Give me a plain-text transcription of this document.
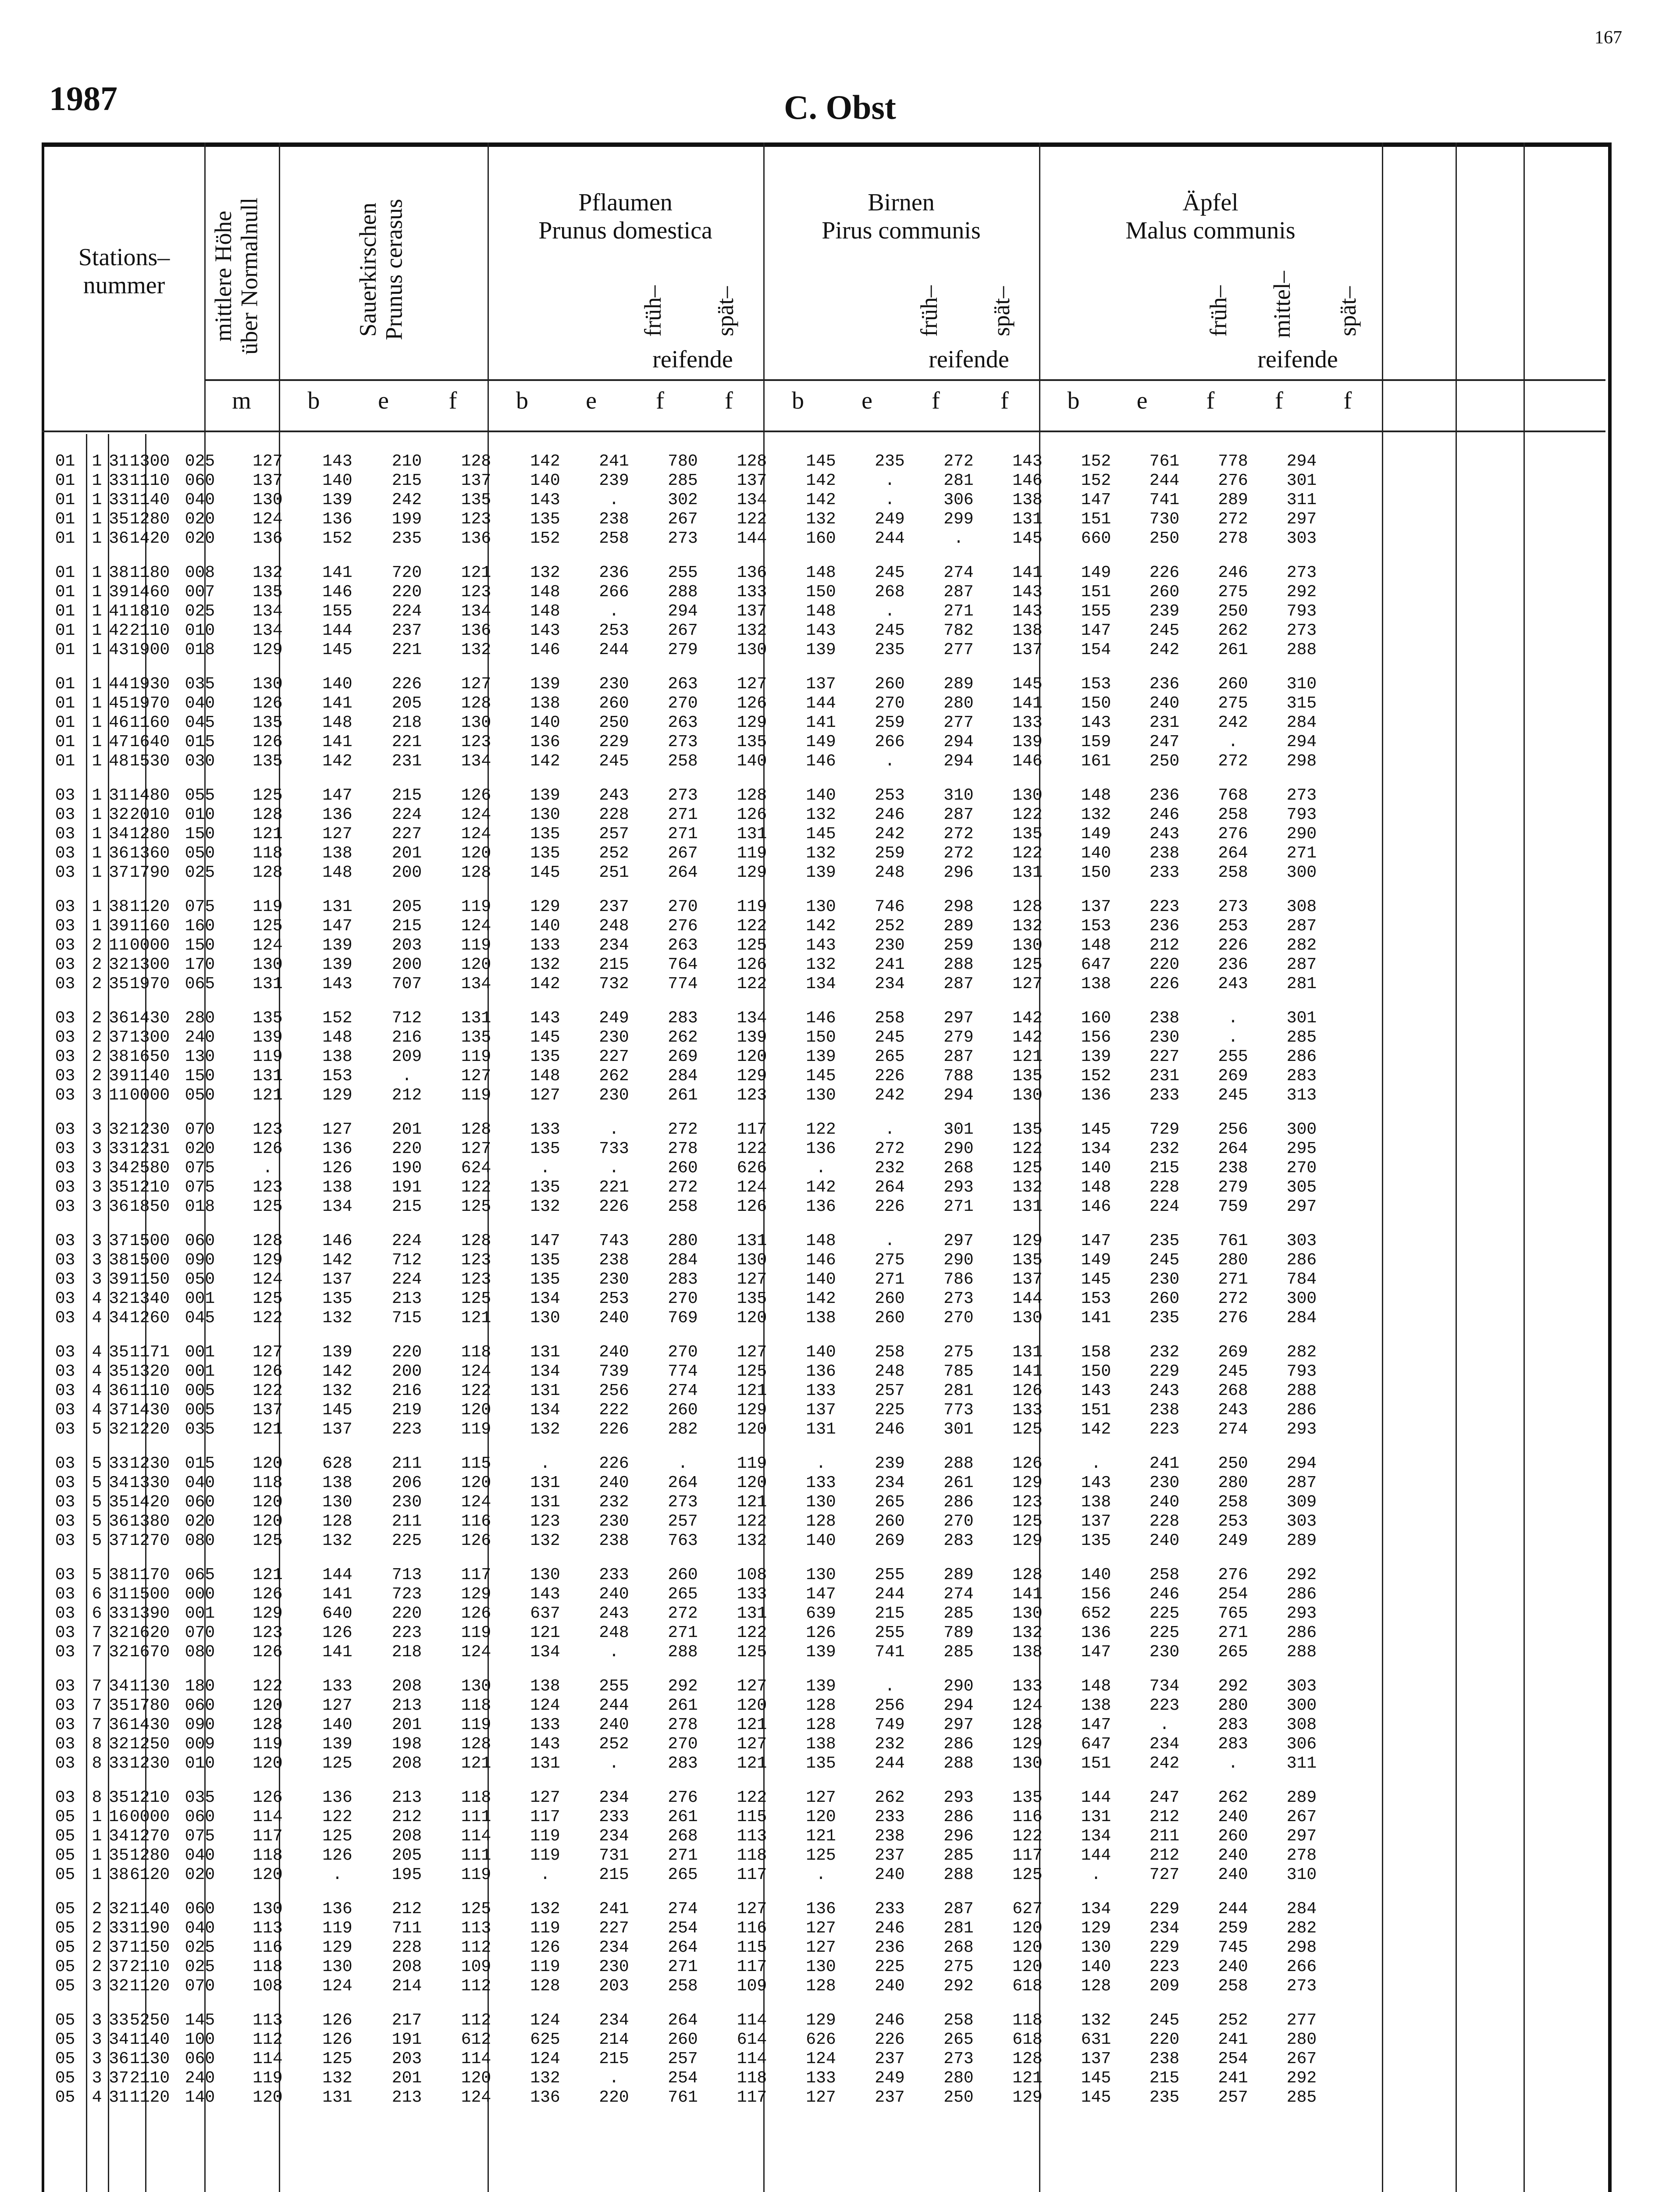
167
1987	C. Obst
Stations–
nummer	mittlere Höhe
über Normalnull	Sauerkirschen
Prunus cerasus	Pflaumen
Prunus domestica
früh– spät–
reifende
Birnen
Pirus communis
früh– spät–
reifende
Äpfel
Malus communis
früh– mittel– spät–
reifende
m	b	e	f	b	e	f	f	b	e	f	f	b	e	f	f	f
01	1 31 1300 025	127	143	210	128	142	241	780	128	145	235	272	143	152	761	778	294
01	1 33 1110 060	137	140	215	137	140	239	285	137	142	.	281	146	152	244	276	301
01	1 33 1140 040	130	139	242	135	143	.	302	134	142	.	306	138	147	741	289	311
01	1 35 1280 020	124	136	199	123	135	238	267	122	132	249	299	131	151	730	272	297
01	1 36 1420 020	136	152	235	136	152	258	273	144	160	244	.	145	660	250	278	303
01	1 38 1180 008	132	141	720	121	132	236	255	136	148	245	274	141	149	226	246	273
01	1 39 1460 007	135	146	220	123	148	266	288	133	150	268	287	143	151	260	275	292
01	1 41 1810 025	134	155	224	134	148	.	294	137	148	.	271	143	155	239	250	793
01	1 42 2110 010	134	144	237	136	143	253	267	132	143	245	782	138	147	245	262	273
01	1 43 1900 018	129	145	221	132	146	244	279	130	139	235	277	137	154	242	261	288
01	1 44 1930 035	130	140	226	127	139	230	263	127	137	260	289	145	153	236	260	310
01	1 45 1970 040	126	141	205	128	138	260	270	126	144	270	280	141	150	240	275	315
01	1 46 1160 045	135	148	218	130	140	250	263	129	141	259	277	133	143	231	242	284
01	1 47 1640 015	126	141	221	123	136	229	273	135	149	266	294	139	159	247	.	294
01	1 48 1530 030	135	142	231	134	142	245	258	140	146	.	294	146	161	250	272	298
03	1 31 1480 055	125	147	215	126	139	243	273	128	140	253	310	130	148	236	768	273
03	1 32 2010 010	128	136	224	124	130	228	271	126	132	246	287	122	132	246	258	793
03	1 34 1280 150	121	127	227	124	135	257	271	131	145	242	272	135	149	243	276	290
03	1 36 1360 050	118	138	201	120	135	252	267	119	132	259	272	122	140	238	264	271
03	1 37 1790 025	128	148	200	128	145	251	264	129	139	248	296	131	150	233	258	300
03	1 38 1120 075	119	131	205	119	129	237	270	119	130	746	298	128	137	223	273	308
03	1 39 1160 160	125	147	215	124	140	248	276	122	142	252	289	132	153	236	253	287
03	2 11 0000 150	124	139	203	119	133	234	263	125	143	230	259	130	148	212	226	282
03	2 32 1300 170	130	139	200	120	132	215	764	126	132	241	288	125	647	220	236	287
03	2 35 1970 065	131	143	707	134	142	732	774	122	134	234	287	127	138	226	243	281
03	2 36 1430 280	135	152	712	131	143	249	283	134	146	258	297	142	160	238	.	301
03	2 37 1300 240	139	148	216	135	145	230	262	139	150	245	279	142	156	230	.	285
03	2 38 1650 130	119	138	209	119	135	227	269	120	139	265	287	121	139	227	255	286
03	2 39 1140 150	131	153	.	127	148	262	284	129	145	226	788	135	152	231	269	283
03	3 11 0000 050	121	129	212	119	127	230	261	123	130	242	294	130	136	233	245	313
03	3 32 1230 070	123	127	201	128	133	.	272	117	122	.	301	135	145	729	256	300
03	3 33 1231 020	126	136	220	127	135	733	278	122	136	272	290	122	134	232	264	295
03	3 34 2580 075	.	126	190	624	.	.	260	626	.	232	268	125	140	215	238	270
03	3 35 1210 075	123	138	191	122	135	221	272	124	142	264	293	132	148	228	279	305
03	3 36 1850 018	125	134	215	125	132	226	258	126	136	226	271	131	146	224	759	297
03	3 37 1500 060	128	146	224	128	147	743	280	131	148	.	297	129	147	235	761	303
03	3 38 1500 090	129	142	712	123	135	238	284	130	146	275	290	135	149	245	280	286
03	3 39 1150 050	124	137	224	123	135	230	283	127	140	271	786	137	145	230	271	784
03	4 32 1340 001	125	135	213	125	134	253	270	135	142	260	273	144	153	260	272	300
03	4 34 1260 045	122	132	715	121	130	240	769	120	138	260	270	130	141	235	276	284
03	4 35 1171 001	127	139	220	118	131	240	270	127	140	258	275	131	158	232	269	282
03	4 35 1320 001	126	142	200	124	134	739	774	125	136	248	785	141	150	229	245	793
03	4 36 1110 005	122	132	216	122	131	256	274	121	133	257	281	126	143	243	268	288
03	4 37 1430 005	137	145	219	120	134	222	260	129	137	225	773	133	151	238	243	286
03	5 32 1220 035	121	137	223	119	132	226	282	120	131	246	301	125	142	223	274	293
03	5 33 1230 015	120	628	211	115	.	226	.	119	.	239	288	126	.	241	250	294
03	5 34 1330 040	118	138	206	120	131	240	264	120	133	234	261	129	143	230	280	287
03	5 35 1420 060	120	130	230	124	131	232	273	121	130	265	286	123	138	240	258	309
03	5 36 1380 020	120	128	211	116	123	230	257	122	128	260	270	125	137	228	253	303
03	5 37 1270 080	125	132	225	126	132	238	763	132	140	269	283	129	135	240	249	289
03	5 38 1170 065	121	144	713	117	130	233	260	108	130	255	289	128	140	258	276	292
03	6 31 1500 000	126	141	723	129	143	240	265	133	147	244	274	141	156	246	254	286
03	6 33 1390 001	129	640	220	126	637	243	272	131	639	215	285	130	652	225	765	293
03	7 32 1620 070	123	126	223	119	121	248	271	122	126	255	789	132	136	225	271	286
03	7 32 1670 080	126	141	218	124	134	.	288	125	139	741	285	138	147	230	265	288
03	7 34 1130 180	122	133	208	130	138	255	292	127	139	.	290	133	148	734	292	303
03	7 35 1780 060	120	127	213	118	124	244	261	120	128	256	294	124	138	223	280	300
03	7 36 1430 090	128	140	201	119	133	240	278	121	128	749	297	128	147	.	283	308
03	8 32 1250 009	119	139	198	128	143	252	270	127	138	232	286	129	647	234	283	306
03	8 33 1230 010	120	125	208	121	131	.	283	121	135	244	288	130	151	242	.	311
03	8 35 1210 035	126	136	213	118	127	234	276	122	127	262	293	135	144	247	262	289
05	1 16 0000 060	114	122	212	111	117	233	261	115	120	233	286	116	131	212	240	267
05	1 34 1270 075	117	125	208	114	119	234	268	113	121	238	296	122	134	211	260	297
05	1 35 1280 040	118	126	205	111	119	731	271	118	125	237	285	117	144	212	240	278
05	1 38 6120 020	120	.	195	119	.	215	265	117	.	240	288	125	.	727	240	310
05	2 32 1140 060	130	136	212	125	132	241	274	127	136	233	287	627	134	229	244	284
05	2 33 1190 040	113	119	711	113	119	227	254	116	127	246	281	120	129	234	259	282
05	2 37 1150 025	116	129	228	112	126	234	264	115	127	236	268	120	130	229	745	298
05	2 37 2110 025	118	130	208	109	119	230	271	117	130	225	275	120	140	223	240	266
05	3 32 1120 070	108	124	214	112	128	203	258	109	128	240	292	618	128	209	258	273
05	3 33 5250 145	113	126	217	112	124	234	264	114	129	246	258	118	132	245	252	277
05	3 34 1140 100	112	126	191	612	625	214	260	614	626	226	265	618	631	220	241	280
05	3 36 1130 060	114	125	203	114	124	215	257	114	124	237	273	128	137	238	254	267
05	3 37 2110 240	119	132	201	120	132	.	254	118	133	249	280	121	145	215	241	292
05	4 31 1120 140	120	131	213	124	136	220	761	117	127	237	250	129	145	235	257	285
